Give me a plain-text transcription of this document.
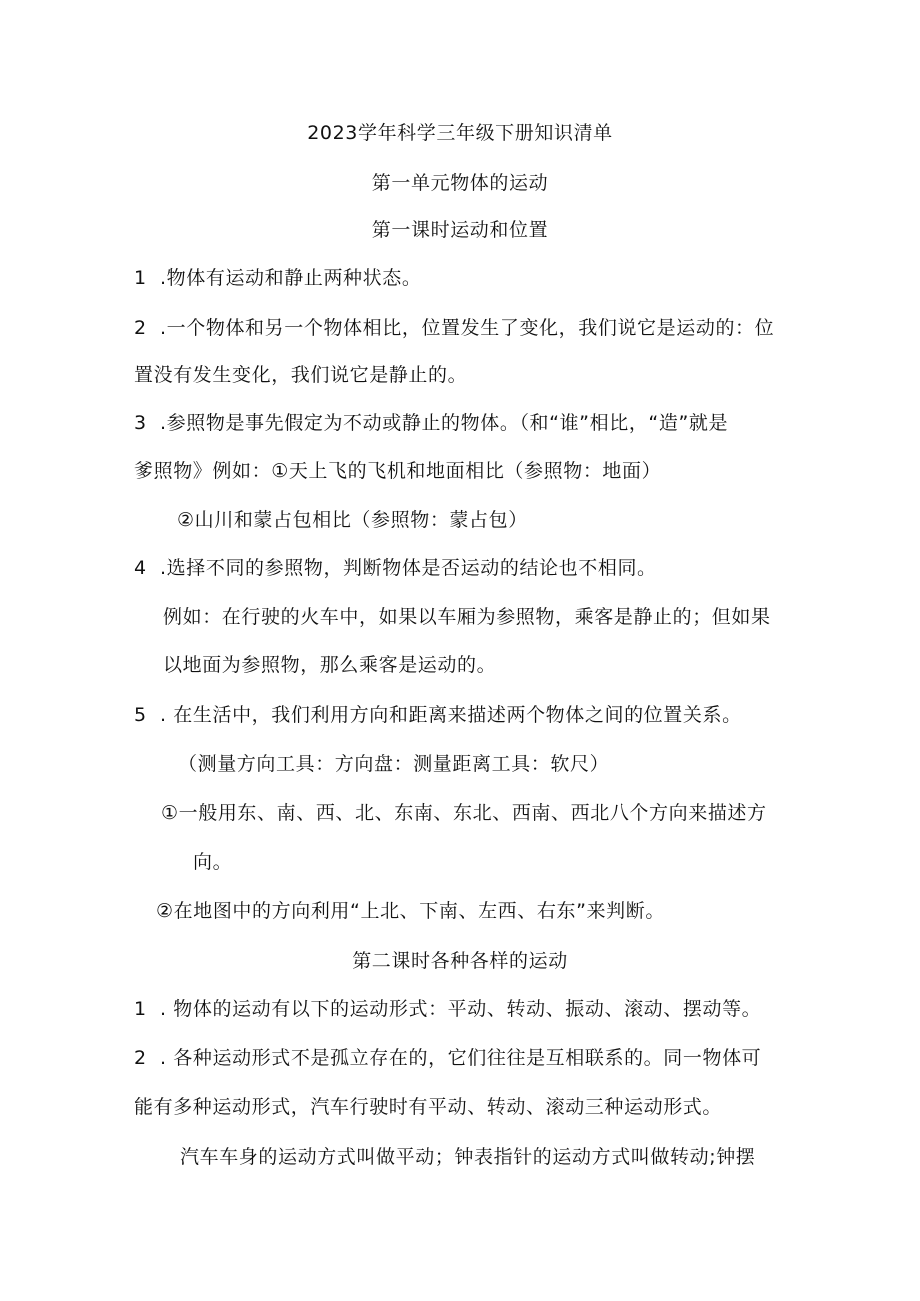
2023学年科学三年级下册知识清单
第一单元物体的运动
第一课时运动和位置
1 .物体有运动和静止两种状态。
2 .一个物体和另一个物体相比，位置发生了变化，我们说它是运动的：位
置没有发生变化，我们说它是静止的。
3 .参照物是事先假定为不动或静止的物体。（和“谁”相比，“造”就是
爹照物》例如：①天上飞的飞机和地面相比（参照物：地面）
②山川和蒙占包相比（参照物：蒙占包）
4 .选择不同的参照物，判断物体是否运动的结论也不相同。
例如：在行驶的火车中，如果以车厢为参照物，乘客是静止的；但如果
以地面为参照物，那么乘客是运动的。
5 . 在生活中，我们利用方向和距离来描述两个物体之间的位置关系。
（测量方向工具：方向盘：测量距离工具：软尺）
①一般用东、南、西、北、东南、东北、西南、西北八个方向来描述方
向。
②在地图中的方向利用“上北、下南、左西、右东”来判断。
第二课时各种各样的运动
1 . 物体的运动有以下的运动形式：平动、转动、振动、滚动、摆动等。
2 . 各种运动形式不是孤立存在的，它们往往是互相联系的。同一物体可
能有多种运动形式，汽车行驶时有平动、转动、滚动三种运动形式。
汽车车身的运动方式叫做平动；钟表指针的运动方式叫做转动;钟摆
